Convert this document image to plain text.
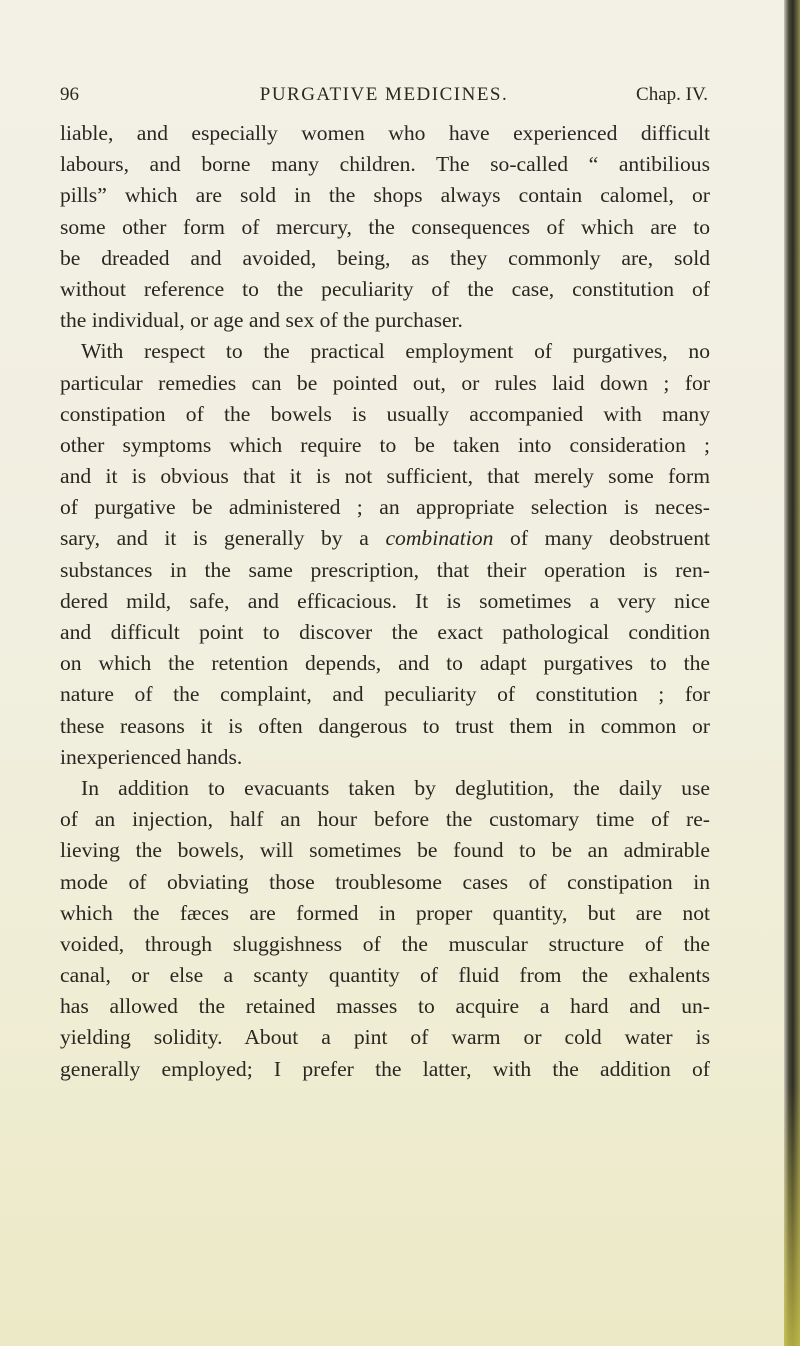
96	PURGATIVE MEDICINES.	Chap. IV.
liable, and especially women who have experienced difficult
labours, and borne many children. The so-called “ antibilious
pills” which are sold in the shops always contain calomel, or
some other form of mercury, the consequences of which are to
be dreaded and avoided, being, as they commonly are, sold
without reference to the peculiarity of the case, constitution of
the individual, or age and sex of the purchaser.
With respect to the practical employment of purgatives, no
particular remedies can be pointed out, or rules laid down ; for
constipation of the bowels is usually accompanied with many
other symptoms which require to be taken into consideration ;
and it is obvious that it is not sufficient, that merely some form
of purgative be administered ; an appropriate selection is neces-
sary, and it is generally by a combination of many deobstruent
substances in the same prescription, that their operation is ren-
dered mild, safe, and efficacious. It is sometimes a very nice
and difficult point to discover the exact pathological condition
on which the retention depends, and to adapt purgatives to the
nature of the complaint, and peculiarity of constitution ; for
these reasons it is often dangerous to trust them in common or
inexperienced hands.
In addition to evacuants taken by deglutition, the daily use
of an injection, half an hour before the customary time of re-
lieving the bowels, will sometimes be found to be an admirable
mode of obviating those troublesome cases of constipation in
which the fæces are formed in proper quantity, but are not
voided, through sluggishness of the muscular structure of the
canal, or else a scanty quantity of fluid from the exhalents
has allowed the retained masses to acquire a hard and un-
yielding solidity. About a pint of warm or cold water is
generally employed; I prefer the latter, with the addition of
